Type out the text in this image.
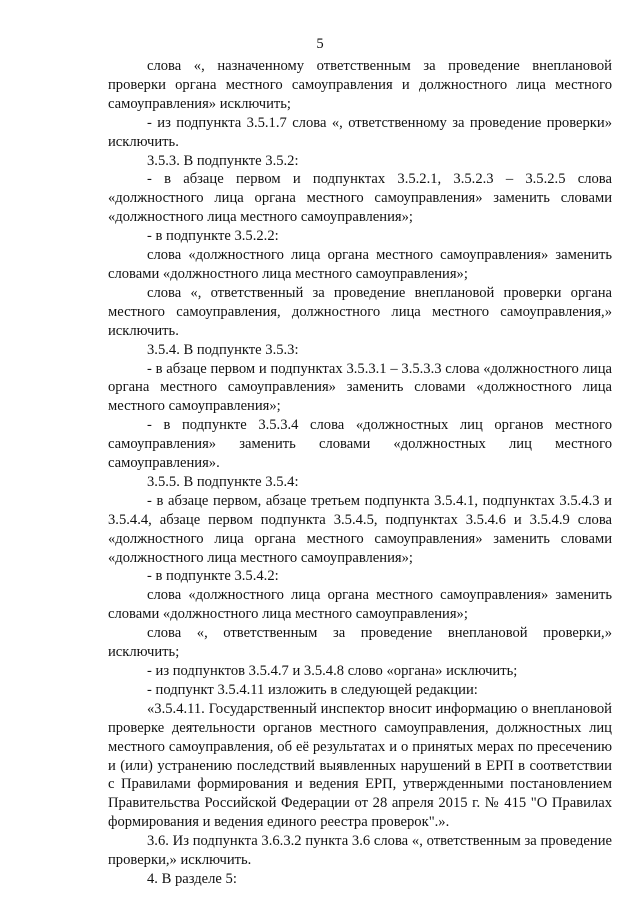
5

слова «, назначенному ответственным за проведение внеплановой проверки органа местного самоуправления и должностного лица местного самоуправления» исключить;

- из подпункта 3.5.1.7 слова «, ответственному за проведение проверки» исключить.

3.5.3. В подпункте 3.5.2:

- в абзаце первом и подпунктах 3.5.2.1, 3.5.2.3 – 3.5.2.5 слова «должностного лица органа местного самоуправления» заменить словами «должностного лица местного самоуправления»;

- в подпункте 3.5.2.2:

слова «должностного лица органа местного самоуправления» заменить словами «должностного лица местного самоуправления»;

слова «, ответственный за проведение внеплановой проверки органа местного самоуправления, должностного лица местного самоуправления,» исключить.

3.5.4. В подпункте 3.5.3:

- в абзаце первом и подпунктах 3.5.3.1 – 3.5.3.3 слова «должностного лица органа местного самоуправления» заменить словами «должностного лица местного самоуправления»;

- в подпункте 3.5.3.4 слова «должностных лиц органов местного самоуправления» заменить словами «должностных лиц местного самоуправления».

3.5.5. В подпункте 3.5.4:

- в абзаце первом, абзаце третьем подпункта 3.5.4.1, подпунктах 3.5.4.3 и 3.5.4.4, абзаце первом подпункта 3.5.4.5, подпунктах 3.5.4.6 и 3.5.4.9 слова «должностного лица органа местного самоуправления» заменить словами «должностного лица местного самоуправления»;

- в подпункте 3.5.4.2:

слова «должностного лица органа местного самоуправления» заменить словами «должностного лица местного самоуправления»;

слова «, ответственным за проведение внеплановой проверки,» исключить;

- из подпунктов 3.5.4.7 и 3.5.4.8 слово «органа» исключить;

- подпункт 3.5.4.11 изложить в следующей редакции:

«3.5.4.11. Государственный инспектор вносит информацию о внеплановой проверке деятельности органов местного самоуправления, должностных лиц местного самоуправления, об её результатах и о принятых мерах по пресечению и (или) устранению последствий выявленных нарушений в ЕРП в соответствии с Правилами формирования и ведения ЕРП, утвержденными постановлением Правительства Российской Федерации от 28 апреля 2015 г. № 415 "О Правилах формирования и ведения единого реестра проверок".».

3.6. Из подпункта 3.6.3.2 пункта 3.6 слова «, ответственным за проведение проверки,» исключить.

4. В разделе 5:
